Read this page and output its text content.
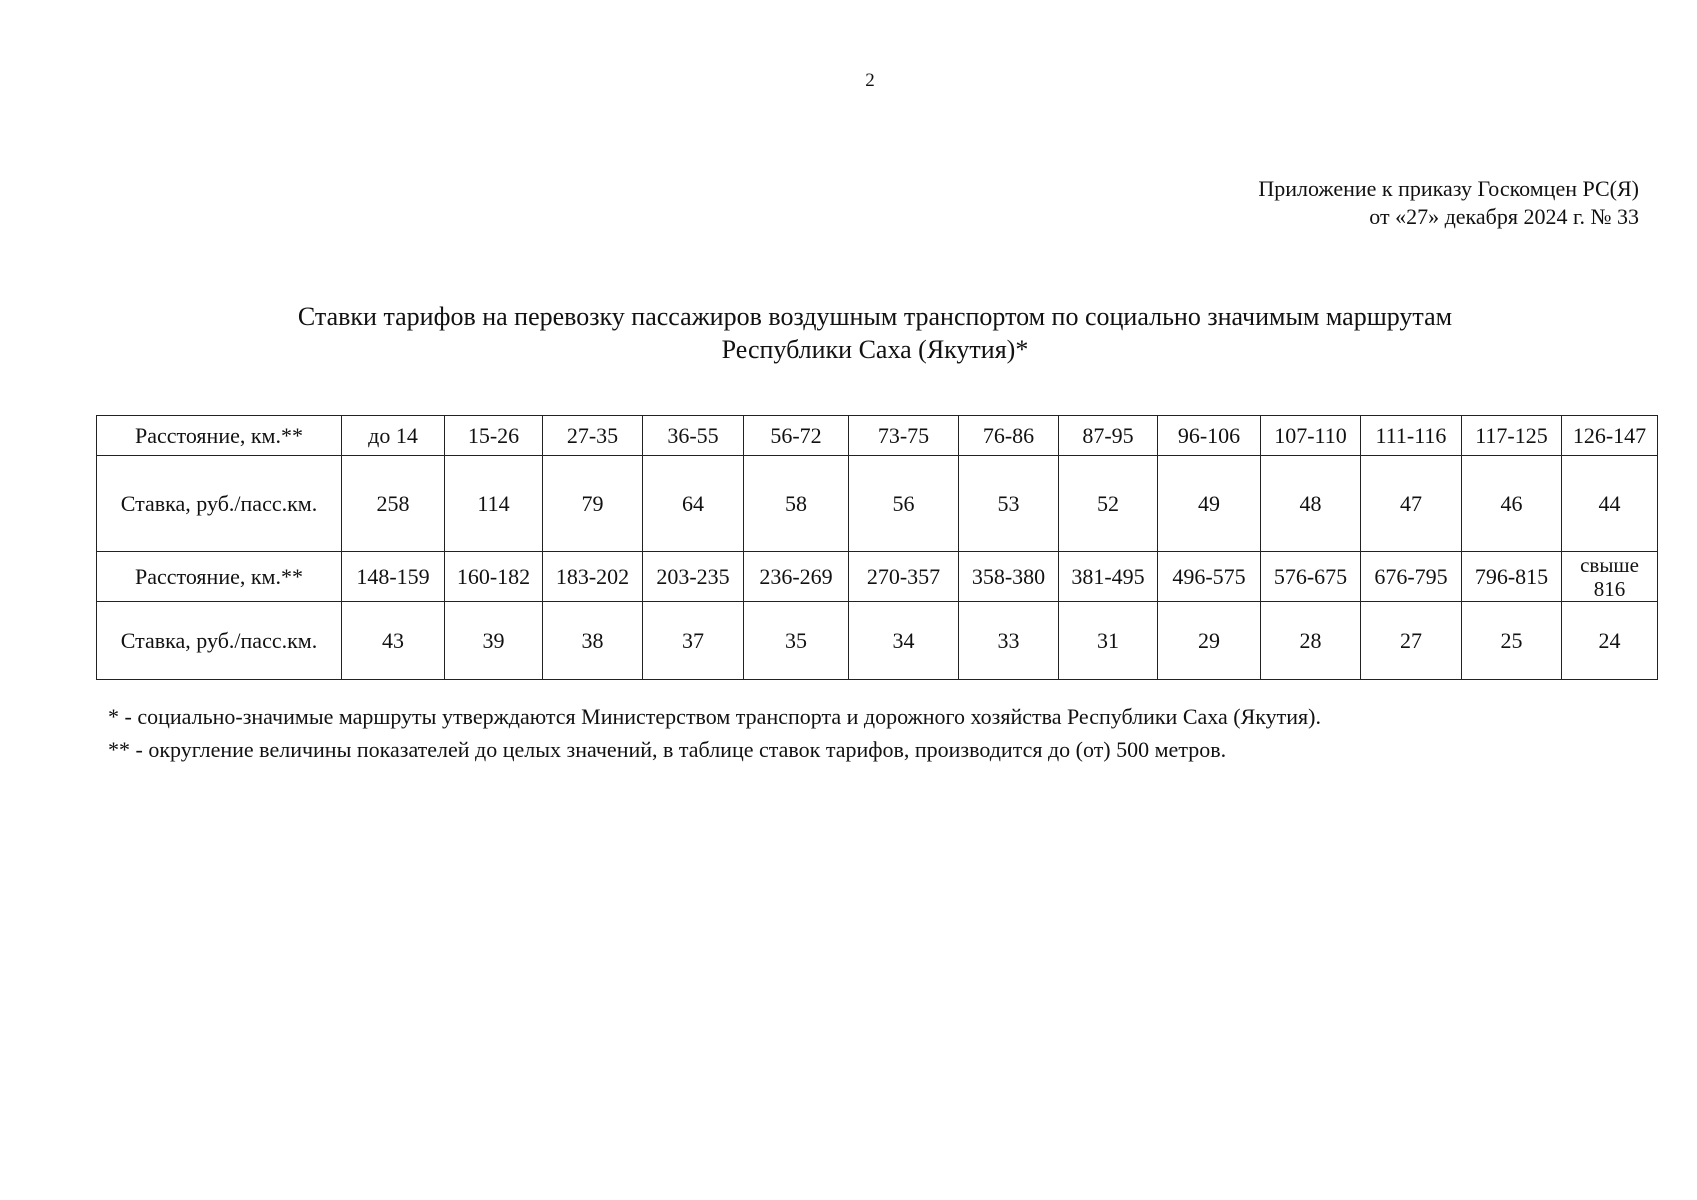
2
Приложение к приказу Госкомцен РС(Я)
от «27» декабря 2024 г. № 33
Ставки тарифов на перевозку пассажиров воздушным транспортом по социально значимым маршрутам
Республики Саха (Якутия)*
Расстояние, км.**	до 14	15-26	27-35	36-55	56-72	73-75	76-86	87-95	96-106	107-110	111-116	117-125	126-147
Ставка, руб./пасс.км.	258	114	79	64	58	56	53	52	49	48	47	46	44
Расстояние, км.**	148-159	160-182	183-202	203-235	236-269	270-357	358-380	381-495	496-575	576-675	676-795	796-815	свыше
816

Ставка, руб./пасс.км.	43	39	38	37	35	34	33	31	29	28	27	25	24
* - социально-значимые маршруты утверждаются Министерством транспорта и дорожного хозяйства Республики Саха (Якутия).
** - округление величины показателей до целых значений, в таблице ставок тарифов, производится до (от) 500 метров.
